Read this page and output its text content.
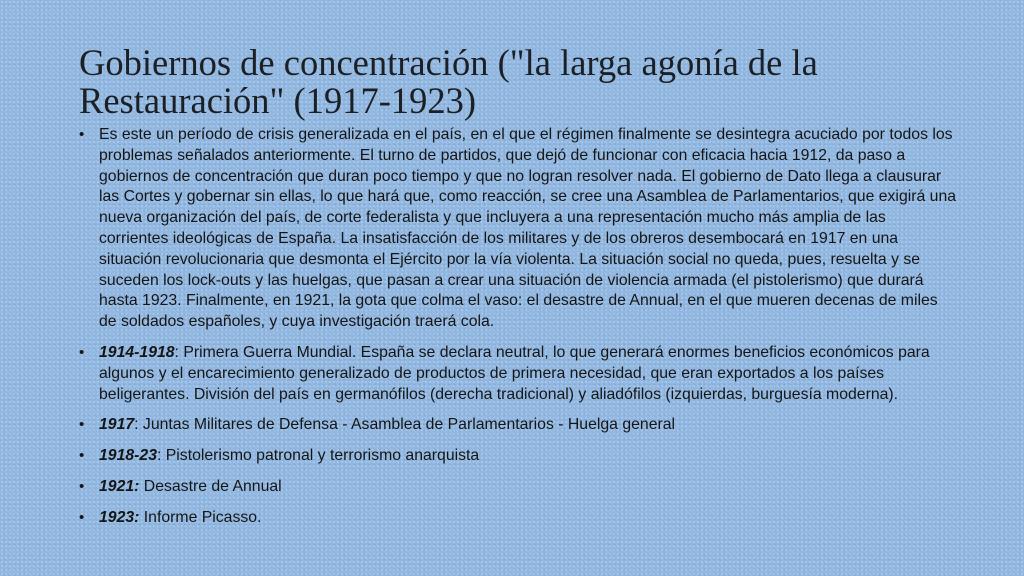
Gobiernos de concentración ("la larga agonía de la Restauración" (1917-1923)
• Es este un período de crisis generalizada en el país, en el que el régimen finalmente se desintegra acuciado por todos los problemas señalados anteriormente. El turno de partidos, que dejó de funcionar con eficacia hacia 1912, da paso a gobiernos de concentración que duran poco tiempo y que no logran resolver nada. El gobierno de Dato llega a clausurar las Cortes y gobernar sin ellas, lo que hará que, como reacción, se cree una Asamblea de Parlamentarios, que exigirá una nueva organización del país, de corte federalista y que incluyera a una representación mucho más amplia de las corrientes ideológicas de España. La insatisfacción de los militares y de los obreros desembocará en 1917 en una situación revolucionaria que desmonta el Ejército por la vía violenta. La situación social no queda, pues, resuelta y se suceden los lock-outs y las huelgas, que pasan a crear una situación de violencia armada (el pistolerismo) que durará hasta 1923. Finalmente, en 1921, la gota que colma el vaso: el desastre de Annual, en el que mueren decenas de miles de soldados españoles, y cuya investigación traerá cola.
• 1914-1918: Primera Guerra Mundial. España se declara neutral, lo que generará enormes beneficios económicos para algunos y el encarecimiento generalizado de productos de primera necesidad, que eran exportados a los países beligerantes. División del país en germanófilos (derecha tradicional) y aliadófilos (izquierdas, burguesía moderna).
• 1917: Juntas Militares de Defensa - Asamblea de Parlamentarios - Huelga general
• 1918-23: Pistolerismo patronal y terrorismo anarquista
• 1921: Desastre de Annual
• 1923: Informe Picasso.
